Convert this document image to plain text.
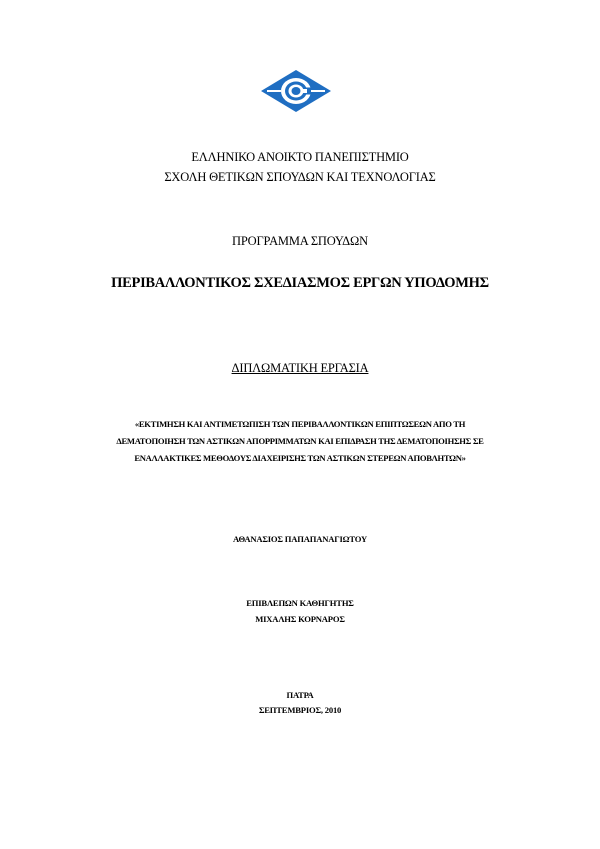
ΕΛΛΗΝΙΚΟ ΑΝΟΙΚΤΟ ΠΑΝΕΠΙΣΤΗΜΙΟ
ΣΧΟΛΗ ΘΕΤΙΚΩΝ ΣΠΟΥΔΩΝ ΚΑΙ ΤΕΧΝΟΛΟΓΙΑΣ
ΠΡΟΓΡΑΜΜΑ ΣΠΟΥΔΩΝ
ΠΕΡΙΒΑΛΛΟΝΤΙΚΟΣ ΣΧΕΔΙΑΣΜΟΣ ΕΡΓΩΝ ΥΠΟΔΟΜΗΣ
ΔΙΠΛΩΜΑΤΙΚΗ ΕΡΓΑΣΙΑ
«ΕΚΤΙΜΗΣΗ ΚΑΙ ΑΝΤΙΜΕΤΩΠΙΣΗ ΤΩΝ ΠΕΡΙΒΑΛΛΟΝΤΙΚΩΝ ΕΠΙΠΤΩΣΕΩΝ ΑΠΟ ΤΗ
ΔΕΜΑΤΟΠΟΙΗΣΗ ΤΩΝ ΑΣΤΙΚΩΝ ΑΠΟΡΡΙΜΜΑΤΩΝ ΚΑΙ ΕΠΙΔΡΑΣΗ ΤΗΣ ΔΕΜΑΤΟΠΟΙΗΣΗΣ ΣΕ
ΕΝΑΛΛΑΚΤΙΚΕΣ ΜΕΘΟΔΟΥΣ ΔΙΑΧΕΙΡΙΣΗΣ ΤΩΝ ΑΣΤΙΚΩΝ ΣΤΕΡΕΩΝ ΑΠΟΒΛΗΤΩΝ»
ΑΘΑΝΑΣΙΟΣ ΠΑΠΑΠΑΝΑΓΙΩΤΟΥ
ΕΠΙΒΛΕΠΩΝ ΚΑΘΗΓΗΤΗΣ
ΜΙΧΑΛΗΣ ΚΟΡΝΑΡΟΣ
ΠΑΤΡΑ
ΣΕΠΤΕΜΒΡΙΟΣ, 2010
